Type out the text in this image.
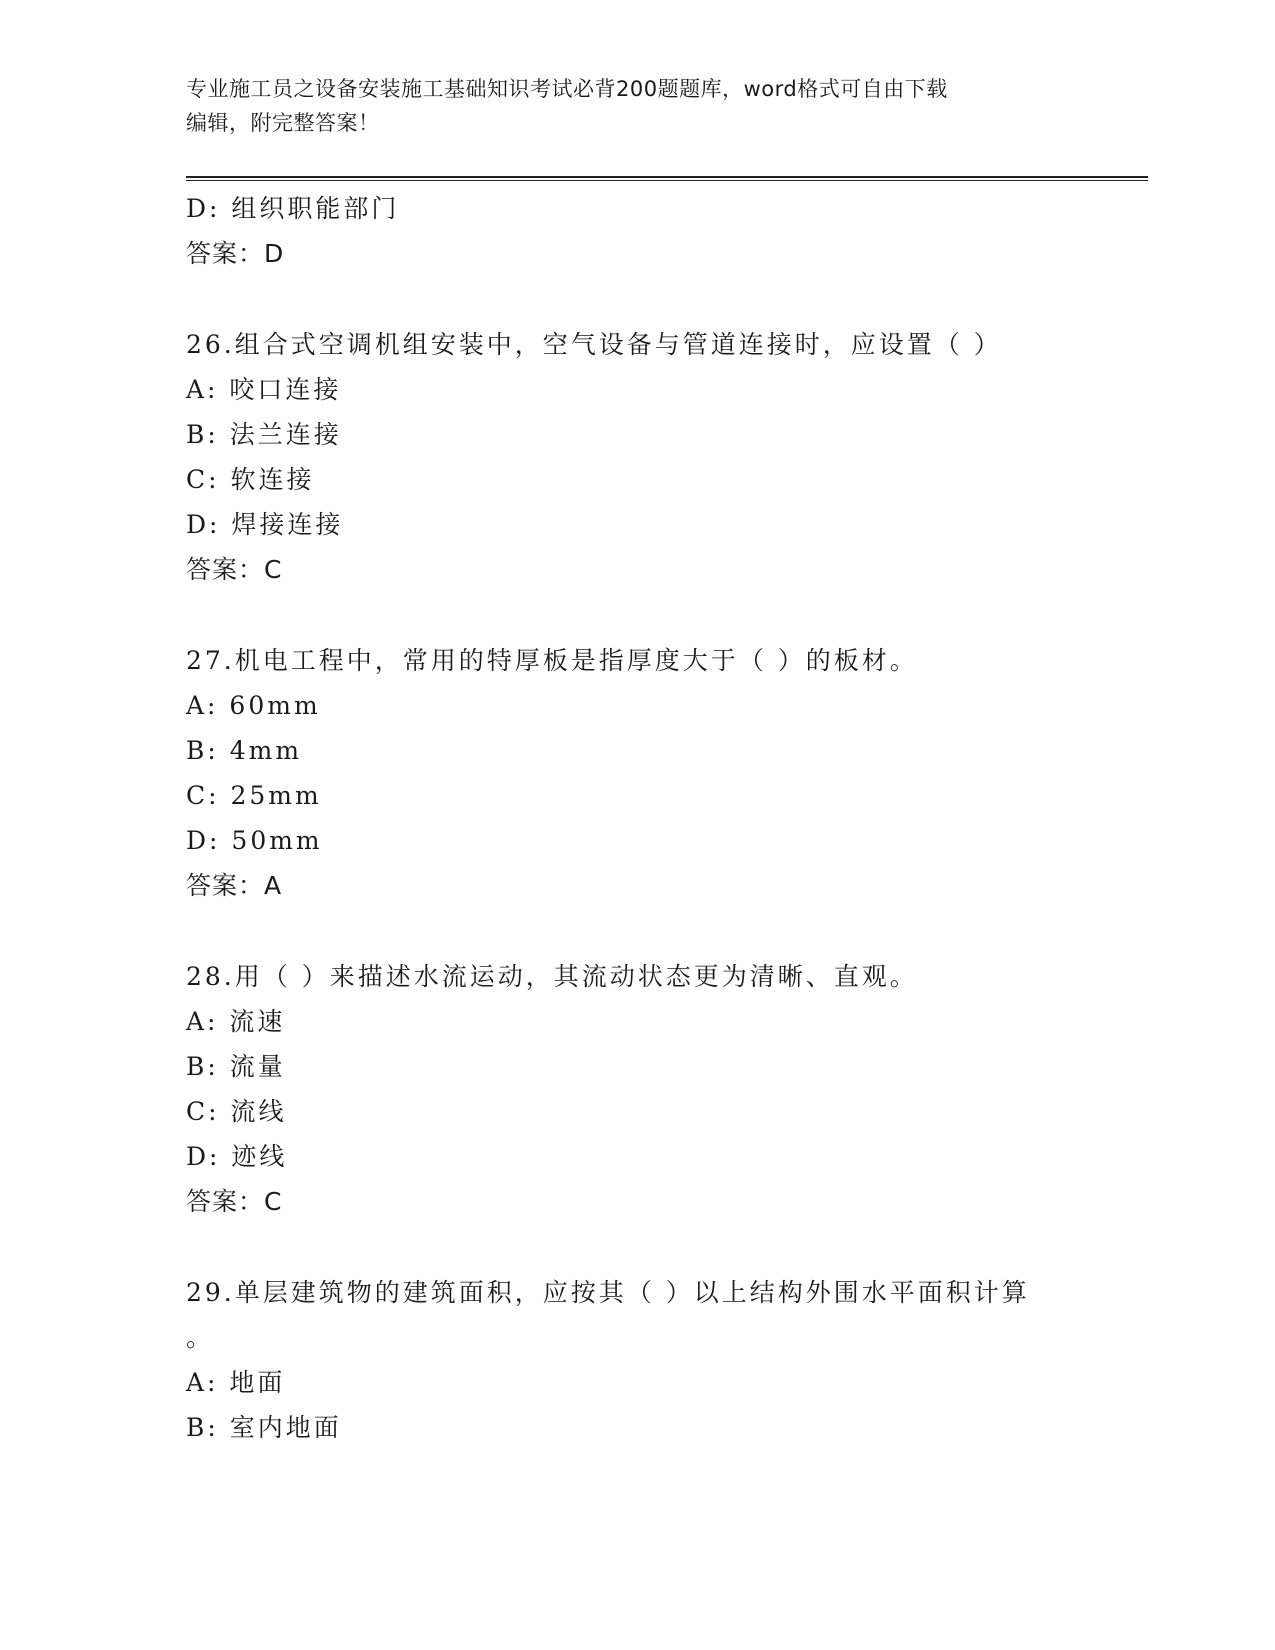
专业施工员之设备安装施工基础知识考试必背200题题库，word格式可自由下载
编辑，附完整答案！
D: 组织职能部门
答案：D
26.组合式空调机组安装中，空气设备与管道连接时，应设置（ ）
A: 咬口连接
B: 法兰连接
C: 软连接
D: 焊接连接
答案：C
27.机电工程中，常用的特厚板是指厚度大于（ ）的板材。
A: 60mm
B: 4mm
C: 25mm
D: 50mm
答案：A
28.用（ ）来描述水流运动，其流动状态更为清晰、直观。
A: 流速
B: 流量
C: 流线
D: 迹线
答案：C
29.单层建筑物的建筑面积，应按其（ ）以上结构外围水平面积计算
。
A: 地面
B: 室内地面
